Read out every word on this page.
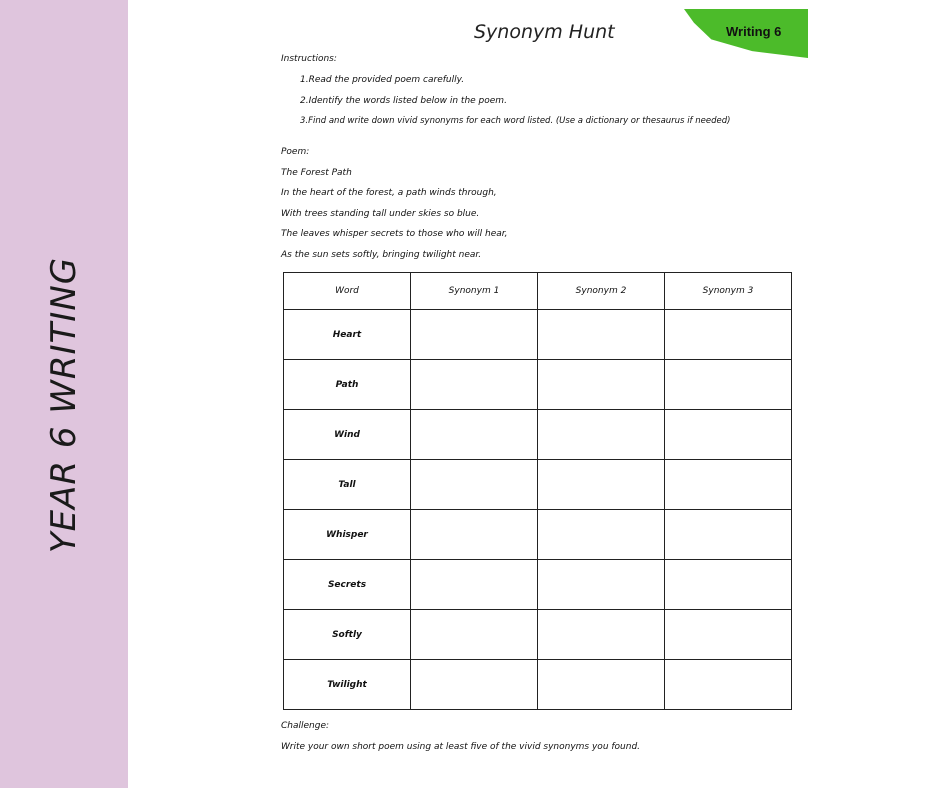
YEAR 6 WRITING
Synonym Hunt	Writing 6
Instructions:
1.Read the provided poem carefully.
2.Identify the words listed below in the poem.
3.Find and write down vivid synonyms for each word listed. (Use a dictionary or thesaurus if needed)
Poem:
The Forest Path
In the heart of the forest, a path winds through,
With trees standing tall under skies so blue.
The leaves whisper secrets to those who will hear,
As the sun sets softly, bringing twilight near.
Word	Synonym 1	Synonym 2	Synonym 3
Heart			
Path			
Wind			
Tall			
Whisper			
Secrets			
Softly			
Twilight			
Challenge:
Write your own short poem using at least five of the vivid synonyms you found.
